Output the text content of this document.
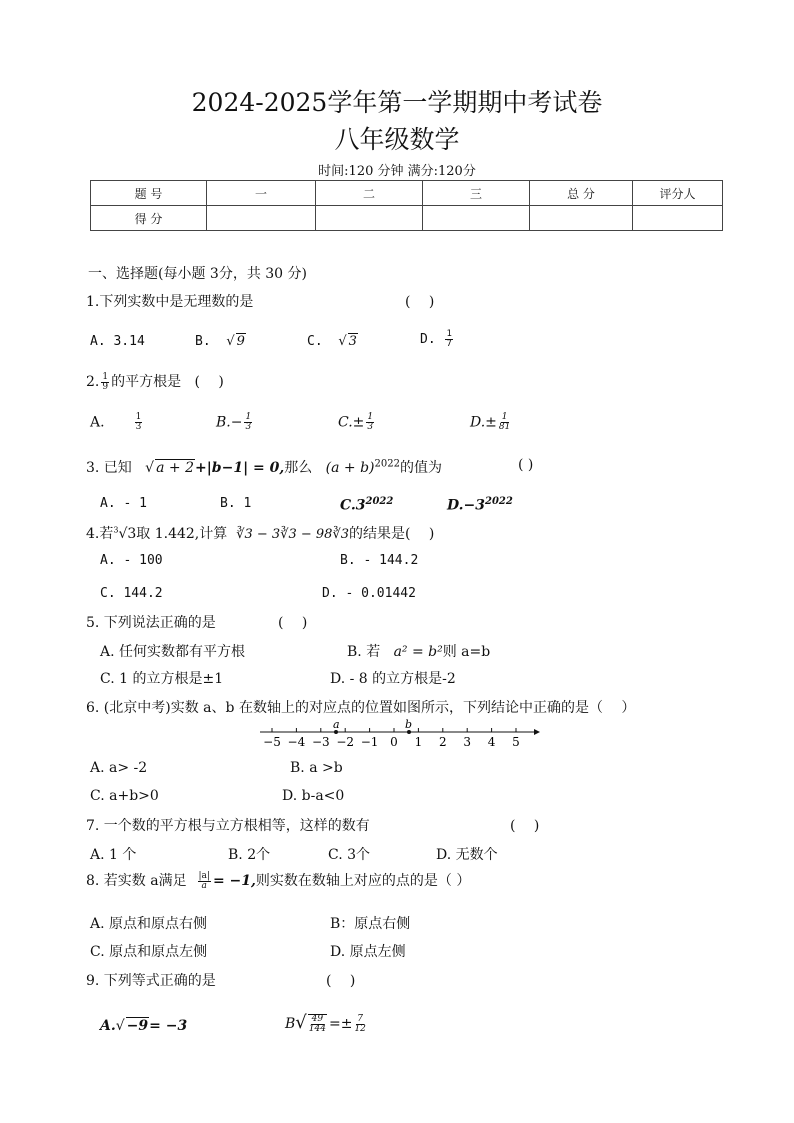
2024-2025学年第一学期期中考试卷
八年级数学
时间:120 分钟 满分:120分
题 号	一	二	三	总 分	评分人
得 分					
一、选择题(每小题 3分，共 30 分)
1.下列实数中是无理数的是	(　 )
A. 3.14	B. √ 9	C. √ 3	D. $\frac{1}{7}$
2. $\frac{1}{9}$ 的平方根是 (　 )
A.	$\frac{1}{3}$	$B.- \frac{1}{3}$	$C.\pm \frac{1}{3}$	$D.\pm \frac{1}{81}$
3. 已知 √ a + 2+|b−1| = 0,那么 $(a + b)^{2022}$的值为	( )
A. - 1	B. 1	$C.3^{2022}$	$D.-3^{2022}$
4.若$^3$√3取 1.442,计算 ∛3 − 3∛3 − 98∛3的结果是(　 )
A. - 100	B. - 144.2
C. 144.2	D. - 0.01442
5. 下列说法正确的是	(　 )
A. 任何实数都有平方根	B. 若 a² = b²则 a=b
C. 1 的立方根是±1	D. - 8 的立方根是-2
6. (北京中考)实数 a、b 在数轴上的对应点的位置如图所示，下列结论中正确的是（　 ）
−5 −4 −3 −2 −1 0 1 2 3 4 5
a	b
A. a> -2	B. a >b
C. a+b>0	D. b-a<0
7. 一个数的平方根与立方根相等，这样的数有	(　 )
A. 1 个	B. 2个	C. 3个	D. 无数个
8. 若实数 a满足 $\frac{|a|}{a} = -1$,则实数在数轴上对应的点的是（ ）
A. 原点和原点右侧	B：原点右侧
C. 原点和原点左侧	D. 原点左侧
9. 下列等式正确的是	(　 )
A.√ −9= −3	$B√ \frac{49}{144} =\pm \frac{7}{12}$
